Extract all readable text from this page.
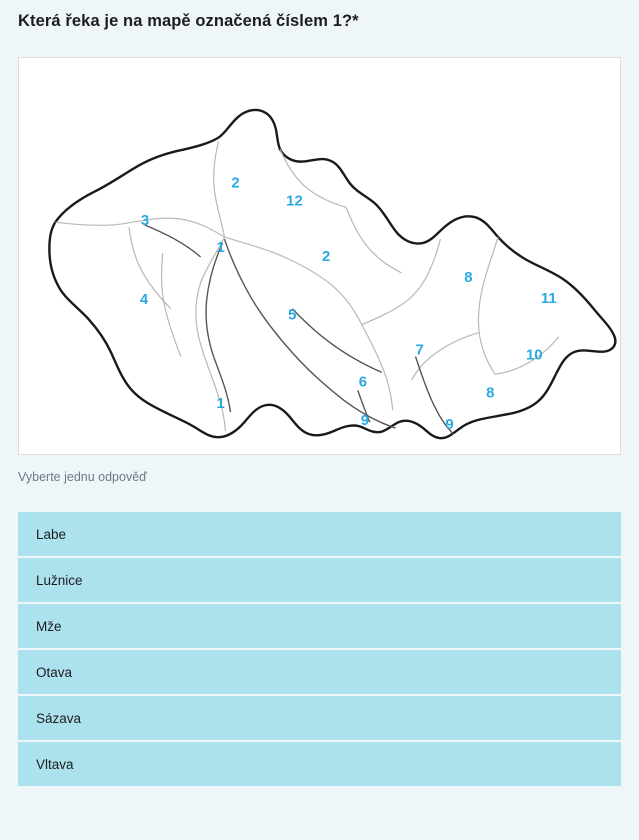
Která řeka je na mapě označená číslem 1?*
2
12
3
1
2
8
11
4
5
7	10
6
8
1
9	9
Vyberte jednu odpověď
Labe
Lužnice
Mže
Otava
Sázava
Vltava
